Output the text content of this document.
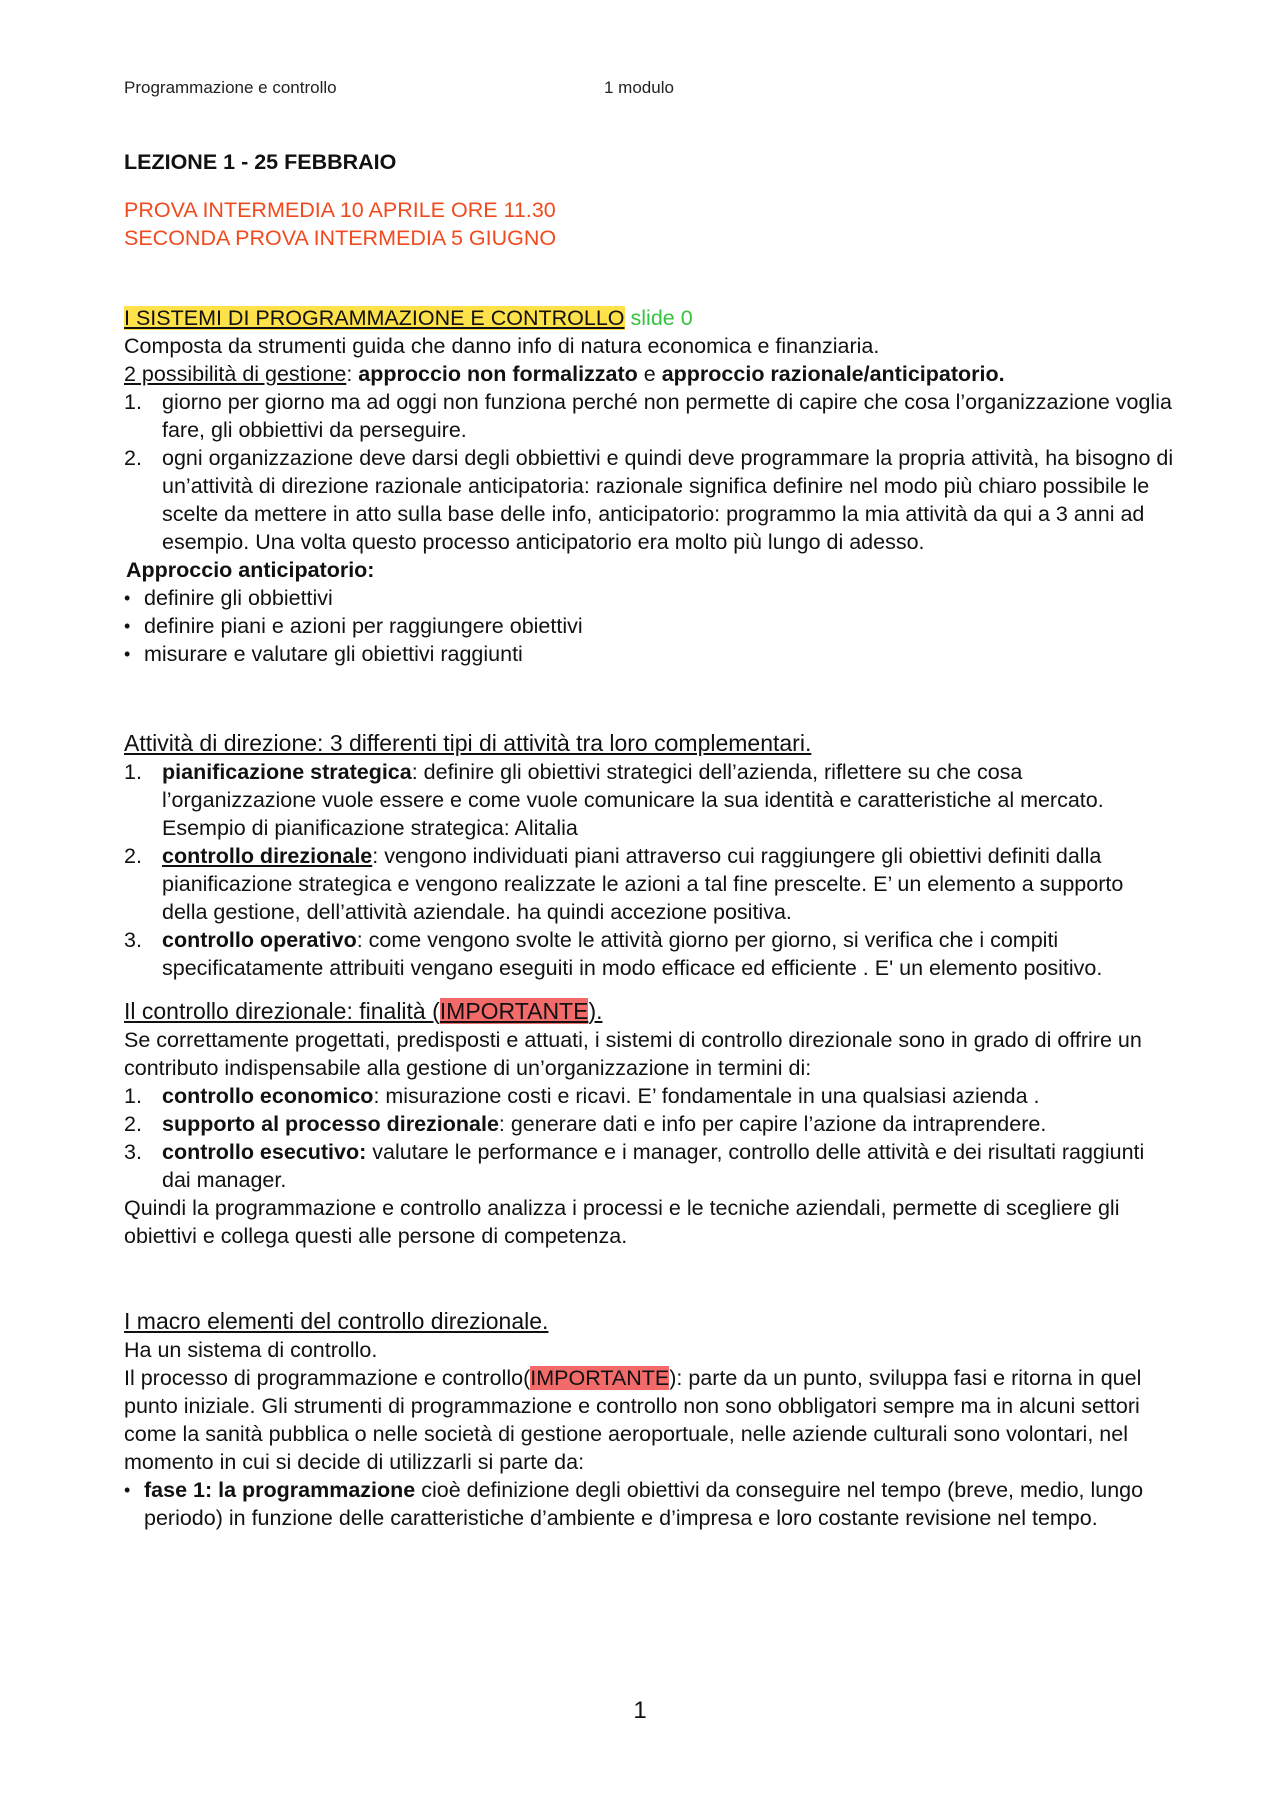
Programmazione e controllo	1 modulo

LEZIONE 1 - 25 FEBBRAIO

PROVA INTERMEDIA 10 APRILE ORE 11.30

SECONDA PROVA INTERMEDIA 5 GIUGNO

I SISTEMI DI PROGRAMMAZIONE E CONTROLLO slide 0

Composta da strumenti guida che danno info di natura economica e finanziaria.

2 possibilità di gestione: approccio non formalizzato e approccio razionale/anticipatorio.

1. giorno per giorno ma ad oggi non funziona perché non permette di capire che cosa l’organizzazione voglia fare, gli obbiettivi da perseguire.
2. ogni organizzazione deve darsi degli obbiettivi e quindi deve programmare la propria attività, ha bisogno di un’attività di direzione razionale anticipatoria: razionale significa definire nel modo più chiaro possibile le scelte da mettere in atto sulla base delle info, anticipatorio: programmo la mia attività da qui a 3 anni ad esempio. Una volta questo processo anticipatorio era molto più lungo di adesso.

Approccio anticipatorio:

• definire gli obbiettivi
• definire piani e azioni per raggiungere obiettivi
• misurare e valutare gli obiettivi raggiunti

Attività di direzione: 3 differenti tipi di attività tra loro complementari.

1. pianificazione strategica: definire gli obiettivi strategici dell’azienda, riflettere su che cosa l’organizzazione vuole essere e come vuole comunicare la sua identità e caratteristiche al mercato. Esempio di pianificazione strategica: Alitalia
2. controllo direzionale: vengono individuati piani attraverso cui raggiungere gli obiettivi definiti dalla pianificazione strategica e vengono realizzate le azioni a tal fine prescelte. E’ un elemento a supporto della gestione, dell’attività aziendale. ha quindi accezione positiva.
3. controllo operativo: come vengono svolte le attività giorno per giorno, si verifica che i compiti specificatamente attribuiti vengano eseguiti in modo efficace ed efficiente . E' un elemento positivo.

Il controllo direzionale: finalità (IMPORTANTE).

Se correttamente progettati, predisposti e attuati, i sistemi di controllo direzionale sono in grado di offrire un contributo indispensabile alla gestione di un’organizzazione in termini di:

1. controllo economico: misurazione costi e ricavi. E’ fondamentale in una qualsiasi azienda .
2. supporto al processo direzionale: generare dati e info per capire l’azione da intraprendere.
3. controllo esecutivo: valutare le performance e i manager, controllo delle attività e dei risultati raggiunti dai manager.

Quindi la programmazione e controllo analizza i processi e le tecniche aziendali, permette di scegliere gli obiettivi e collega questi alle persone di competenza.

I macro elementi del controllo direzionale.

Ha un sistema di controllo.

Il processo di programmazione e controllo(IMPORTANTE): parte da un punto, sviluppa fasi e ritorna in quel punto iniziale. Gli strumenti di programmazione e controllo non sono obbligatori sempre ma in alcuni settori come la sanità pubblica o nelle società di gestione aeroportuale, nelle aziende culturali sono volontari, nel momento in cui si decide di utilizzarli si parte da:

• fase 1: la programmazione cioè definizione degli obiettivi da conseguire nel tempo (breve, medio, lungo periodo) in funzione delle caratteristiche d’ambiente e d’impresa e loro costante revisione nel tempo.
1
